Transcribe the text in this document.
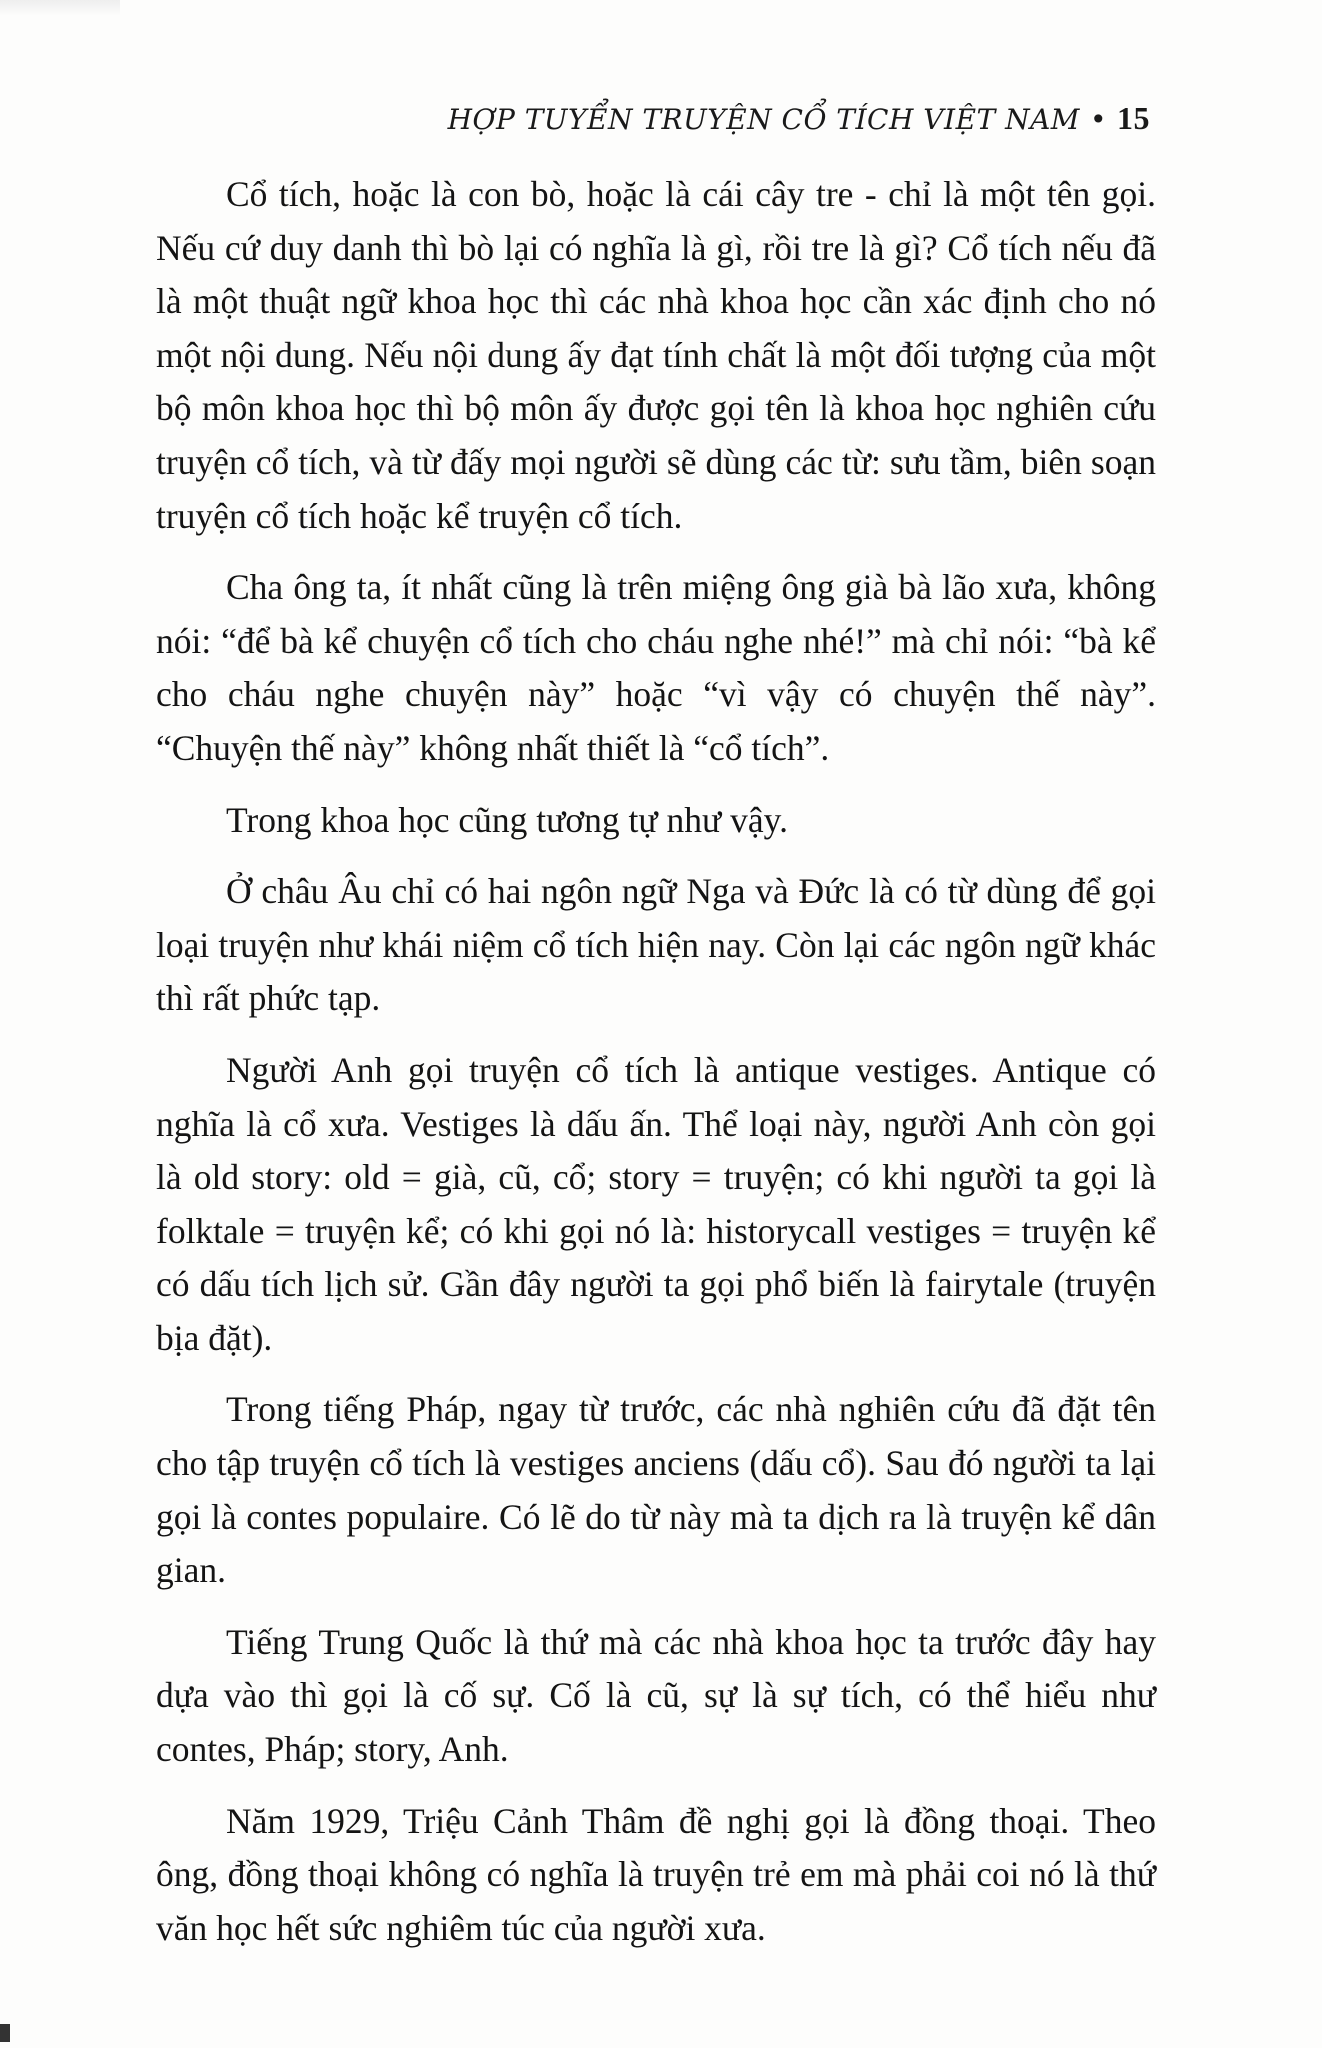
HỢP TUYỂN TRUYỆN CỔ TÍCH VIỆT NAM • 15

Cổ tích, hoặc là con bò, hoặc là cái cây tre - chỉ là một tên gọi. Nếu cứ duy danh thì bò lại có nghĩa là gì, rồi tre là gì? Cổ tích nếu đã là một thuật ngữ khoa học thì các nhà khoa học cần xác định cho nó một nội dung. Nếu nội dung ấy đạt tính chất là một đối tượng của một bộ môn khoa học thì bộ môn ấy được gọi tên là khoa học nghiên cứu truyện cổ tích, và từ đấy mọi người sẽ dùng các từ: sưu tầm, biên soạn truyện cổ tích hoặc kể truyện cổ tích.

Cha ông ta, ít nhất cũng là trên miệng ông già bà lão xưa, không nói: “để bà kể chuyện cổ tích cho cháu nghe nhé!” mà chỉ nói: “bà kể cho cháu nghe chuyện này” hoặc “vì vậy có chuyện thế này”. “Chuyện thế này” không nhất thiết là “cổ tích”.

Trong khoa học cũng tương tự như vậy.

Ở châu Âu chỉ có hai ngôn ngữ Nga và Đức là có từ dùng để gọi loại truyện như khái niệm cổ tích hiện nay. Còn lại các ngôn ngữ khác thì rất phức tạp.

Người Anh gọi truyện cổ tích là antique vestiges. Antique có nghĩa là cổ xưa. Vestiges là dấu ấn. Thể loại này, người Anh còn gọi là old story: old = già, cũ, cổ; story = truyện; có khi người ta gọi là folktale = truyện kể; có khi gọi nó là: historycall vestiges = truyện kể có dấu tích lịch sử. Gần đây người ta gọi phổ biến là fairytale (truyện bịa đặt).

Trong tiếng Pháp, ngay từ trước, các nhà nghiên cứu đã đặt tên cho tập truyện cổ tích là vestiges anciens (dấu cổ). Sau đó người ta lại gọi là contes populaire. Có lẽ do từ này mà ta dịch ra là truyện kể dân gian.

Tiếng Trung Quốc là thứ mà các nhà khoa học ta trước đây hay dựa vào thì gọi là cố sự. Cố là cũ, sự là sự tích, có thể hiểu như contes, Pháp; story, Anh.

Năm 1929, Triệu Cảnh Thâm đề nghị gọi là đồng thoại. Theo ông, đồng thoại không có nghĩa là truyện trẻ em mà phải coi nó là thứ văn học hết sức nghiêm túc của người xưa.
